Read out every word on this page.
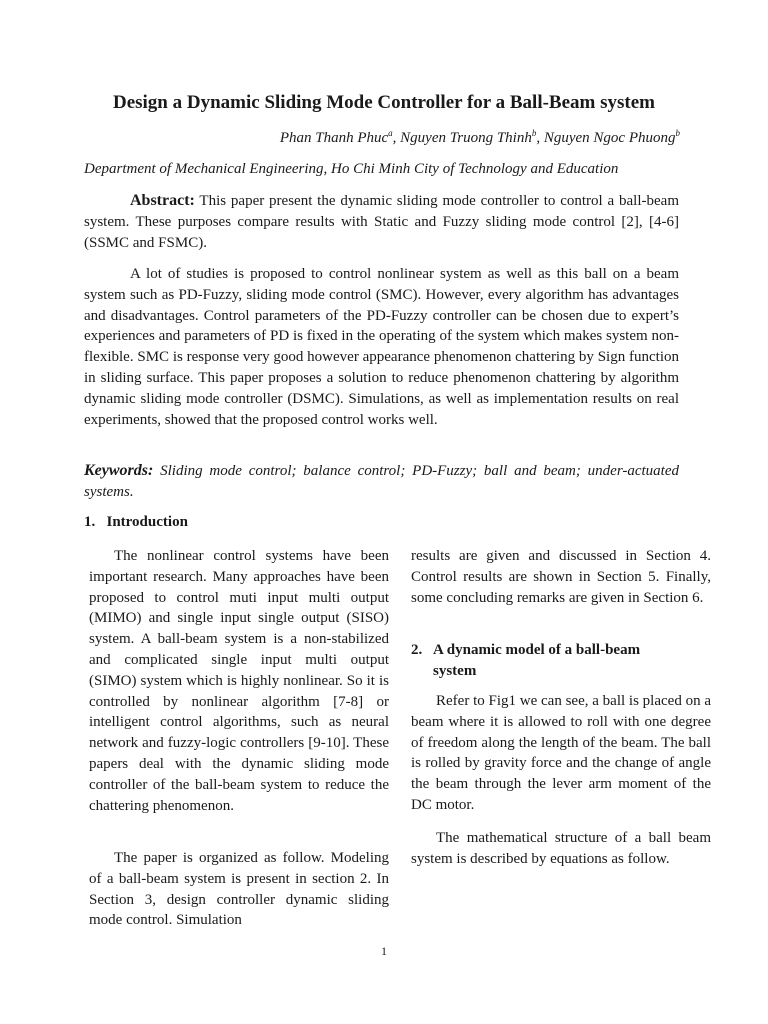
Design a Dynamic Sliding Mode Controller for a Ball-Beam system

Phan Thanh Phuc$^a$, Nguyen Truong Thinh$^b$, Nguyen Ngoc Phuong$^b$

Department of Mechanical Engineering, Ho Chi Minh City of Technology and Education

Abstract: This paper present the dynamic sliding mode controller to control a ball-beam system. These purposes compare results with Static and Fuzzy sliding mode control [2], [4-6] (SSMC and FSMC).

A lot of studies is proposed to control nonlinear system as well as this ball on a beam system such as PD-Fuzzy, sliding mode control (SMC). However, every algorithm has advantages and disadvantages. Control parameters of the PD-Fuzzy controller can be chosen due to expert’s experiences and parameters of PD is fixed in the operating of the system which makes system non-flexible. SMC is response very good however appearance phenomenon chattering by Sign function in sliding surface. This paper proposes a solution to reduce phenomenon chattering by algorithm dynamic sliding mode controller (DSMC). Simulations, as well as implementation results on real experiments, showed that the proposed control works well.

Keywords: Sliding mode control; balance control; PD-Fuzzy; ball and beam; under-actuated systems.

1.   Introduction

The nonlinear control systems have been important research. Many approaches have been proposed to control muti input multi output (MIMO) and single input single output (SISO) system. A ball-beam system is a non-stabilized and complicated single input multi output (SIMO) system which is highly nonlinear. So it is controlled by nonlinear algorithm [7-8] or intelligent control algorithms, such as neural network and fuzzy-logic controllers [9-10]. These papers deal with the dynamic sliding mode controller of the ball-beam system to reduce the chattering phenomenon.

The paper is organized as follow. Modeling of a ball-beam system is present in section 2. In Section 3, design controller dynamic sliding mode control. Simulation

results are given and discussed in Section 4. Control results are shown in Section 5. Finally, some concluding remarks are given in Section 6.

2. A dynamic model of a ball-beam
system

Refer to Fig1 we can see, a ball is placed on a beam where it is allowed to roll with one degree of freedom along the length of the beam. The ball is rolled by gravity force and the change of angle the beam through the lever arm moment of the DC motor.

The mathematical structure of a ball beam system is described by equations as follow.

1
